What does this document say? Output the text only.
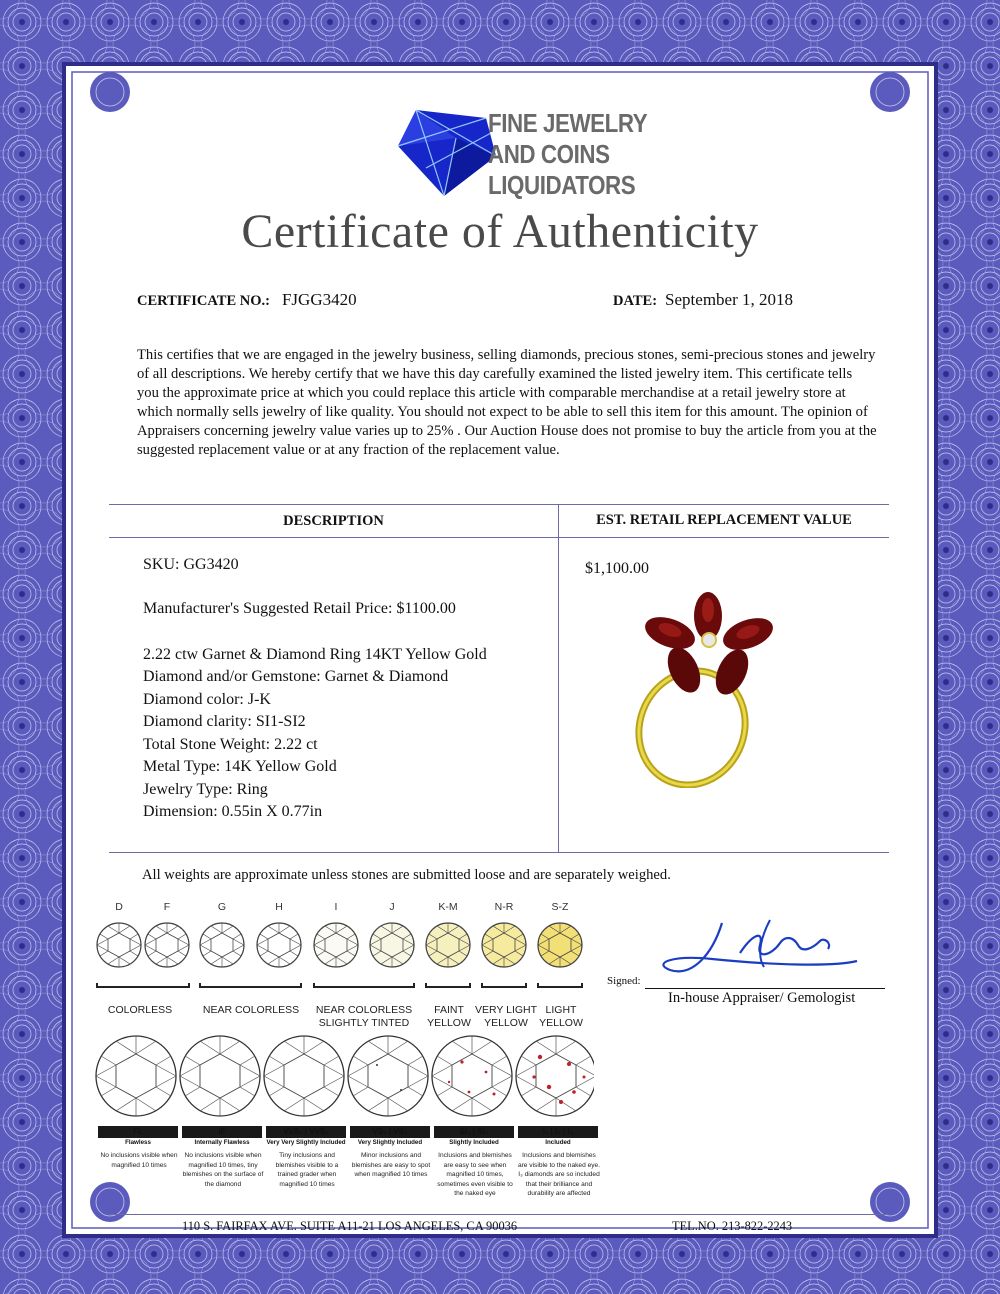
FINE JEWELRY
AND COINS
LIQUIDATORS
Certificate of Authenticity
CERTIFICATE NO.: FJGG3420	DATE: September 1, 2018

This certifies that we are engaged in the jewelry business, selling diamonds, precious stones, semi-precious stones and jewelry of all descriptions. We hereby certify that we have this day carefully examined the listed jewelry item. This certificate tells you the approximate price at which you could replace this article with comparable merchandise at a retail jewelry store at which normally sells jewelry of like quality. You should not expect to be able to sell this item for this amount. The opinion of Appraisers concerning jewelry value varies up to 25% . Our Auction House does not promise to buy the article from you at the suggested replacement value or at any fraction of the replacement value.

DESCRIPTION	EST. RETAIL REPLACEMENT VALUE
SKU: GG3420
Manufacturer's Suggested Retail Price: $1100.00
2.22 ctw Garnet & Diamond Ring 14KT Yellow Gold
Diamond and/or Gemstone: Garnet & Diamond
Diamond color: J-K
Diamond clarity: SI1-SI2
Total Stone Weight: 2.22 ct
Metal Type: 14K Yellow Gold
Jewelry Type: Ring
Dimension: 0.55in X 0.77in
$1,100.00
All weights are approximate unless stones are submitted loose and are separately weighed.
D	F	G	H	I	J	K-M	N-R	S-Z
COLORLESS	NEAR COLORLESS	NEAR COLORLESS
SLIGHTLY TINTED
FAINT
YELLOW
VERY LIGHT
YELLOW
LIGHT
YELLOW
FL	IF	VVS₁ | VVS₂	VS₁ | VS₂	SI₁ | SI₂	I₁ | I₂ | I₃
Flawless	Internally Flawless	Very Very Slightly Included	Very Slightly Included	Slightly Included	Included
No inclusions visible when magnified 10 times
No inclusions visible when magnified 10 times, tiny blemishes on the surface of the diamond
Tiny inclusions and blemishes visible to a trained grader when magnified 10 times
Minor inclusions and blemishes are easy to spot when magnified 10 times
Inclusions and blemishes are easy to see when magnified 10 times, sometimes even visible to the naked eye
Inclusions and blemishes are visible to the naked eye. I₃ diamonds are so included that their brilliance and durability are affected
Signed:
In-house Appraiser/ Gemologist
110 S. FAIRFAX AVE. SUITE A11-21 LOS ANGELES, CA 90036	TEL.NO. 213-822-2243
